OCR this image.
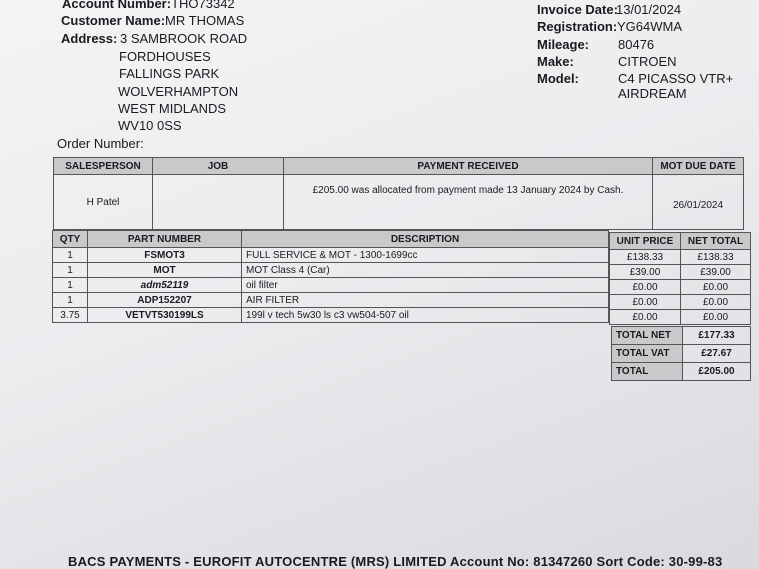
Account Number:THO73342
Customer Name:MR THOMAS
Address: 3 SAMBROOK ROAD
FORDHOUSES
FALLINGS PARK
WOLVERHAMPTON
WEST MIDLANDS
WV10 0SS
Order Number:
Invoice Date:
13/01/2024
Registration: YG64WMA
Mileage: 80476
Make:	CITROEN
Model:	C4 PICASSO VTR+
AIRDREAM
SALESPERSON	JOB	PAYMENT RECEIVED	MOT DUE DATE
H Patel		£205.00 was allocated from payment made 13 January 2024 by Cash.	26/01/2024
QTY	PART NUMBER	DESCRIPTION
1	FSMOT3	FULL SERVICE & MOT - 1300-1699cc
1	MOT	MOT Class 4 (Car)
1	adm52119	oil filter
1	ADP152207	AIR FILTER
3.75	VETVT530199LS	199l v tech 5w30 ls c3 vw504-507 oil
UNIT PRICE	NET TOTAL
£138.33	£138.33
£39.00	£39.00
£0.00	£0.00
£0.00	£0.00
£0.00	£0.00
TOTAL NET	£177.33
TOTAL VAT	£27.67
TOTAL	£205.00
BACS PAYMENTS - EUROFIT AUTOCENTRE (MRS) LIMITED Account No: 81347260 Sort Code: 30-99-83
